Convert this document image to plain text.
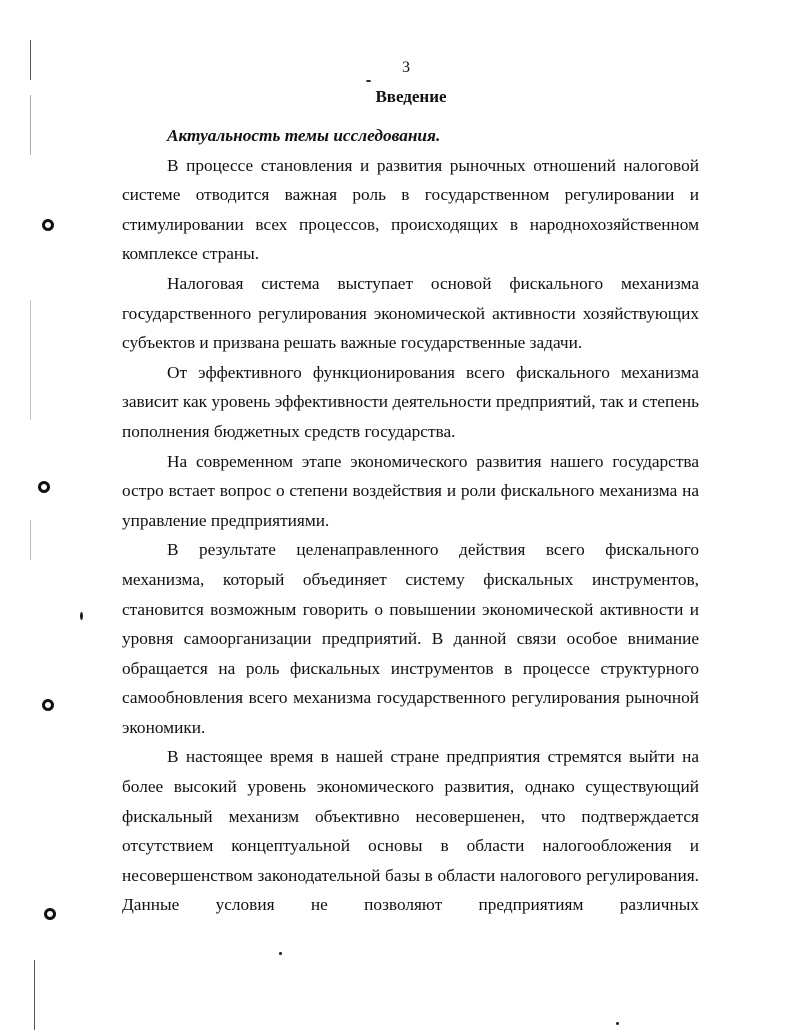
3
Введение

Актуальность темы исследования.

В процессе становления и развития рыночных отношений налоговой системе отводится важная роль в государственном регулировании и стимулировании всех процессов, происходящих в народнохозяйственном комплексе страны.

Налоговая система выступает основой фискального механизма государственного регулирования экономической активности хозяйствующих субъектов и призвана решать важные государственные задачи.

От эффективного функционирования всего фискального механизма зависит как уровень эффективности деятельности предприятий, так и степень пополнения бюджетных средств государства.

На современном этапе экономического развития нашего государства остро встает вопрос о степени воздействия и роли фискального механизма на управление предприятиями.

В результате целенаправленного действия всего фискального механизма, который объединяет систему фискальных инструментов, становится возможным говорить о повышении экономической активности и уровня самоорганизации предприятий. В данной связи особое внимание обращается на роль фискальных инструментов в процессе структурного самообновления всего механизма государственного регулирования рыночной экономики.

В настоящее время в нашей стране предприятия стремятся выйти на более высокий уровень экономического развития, однако существующий фискальный механизм объективно несовершенен, что подтверждается отсутствием концептуальной основы в области налогообложения и несовершенством законодательной базы в области налогового регулирования. Данные условия не позволяют предприятиям различных
